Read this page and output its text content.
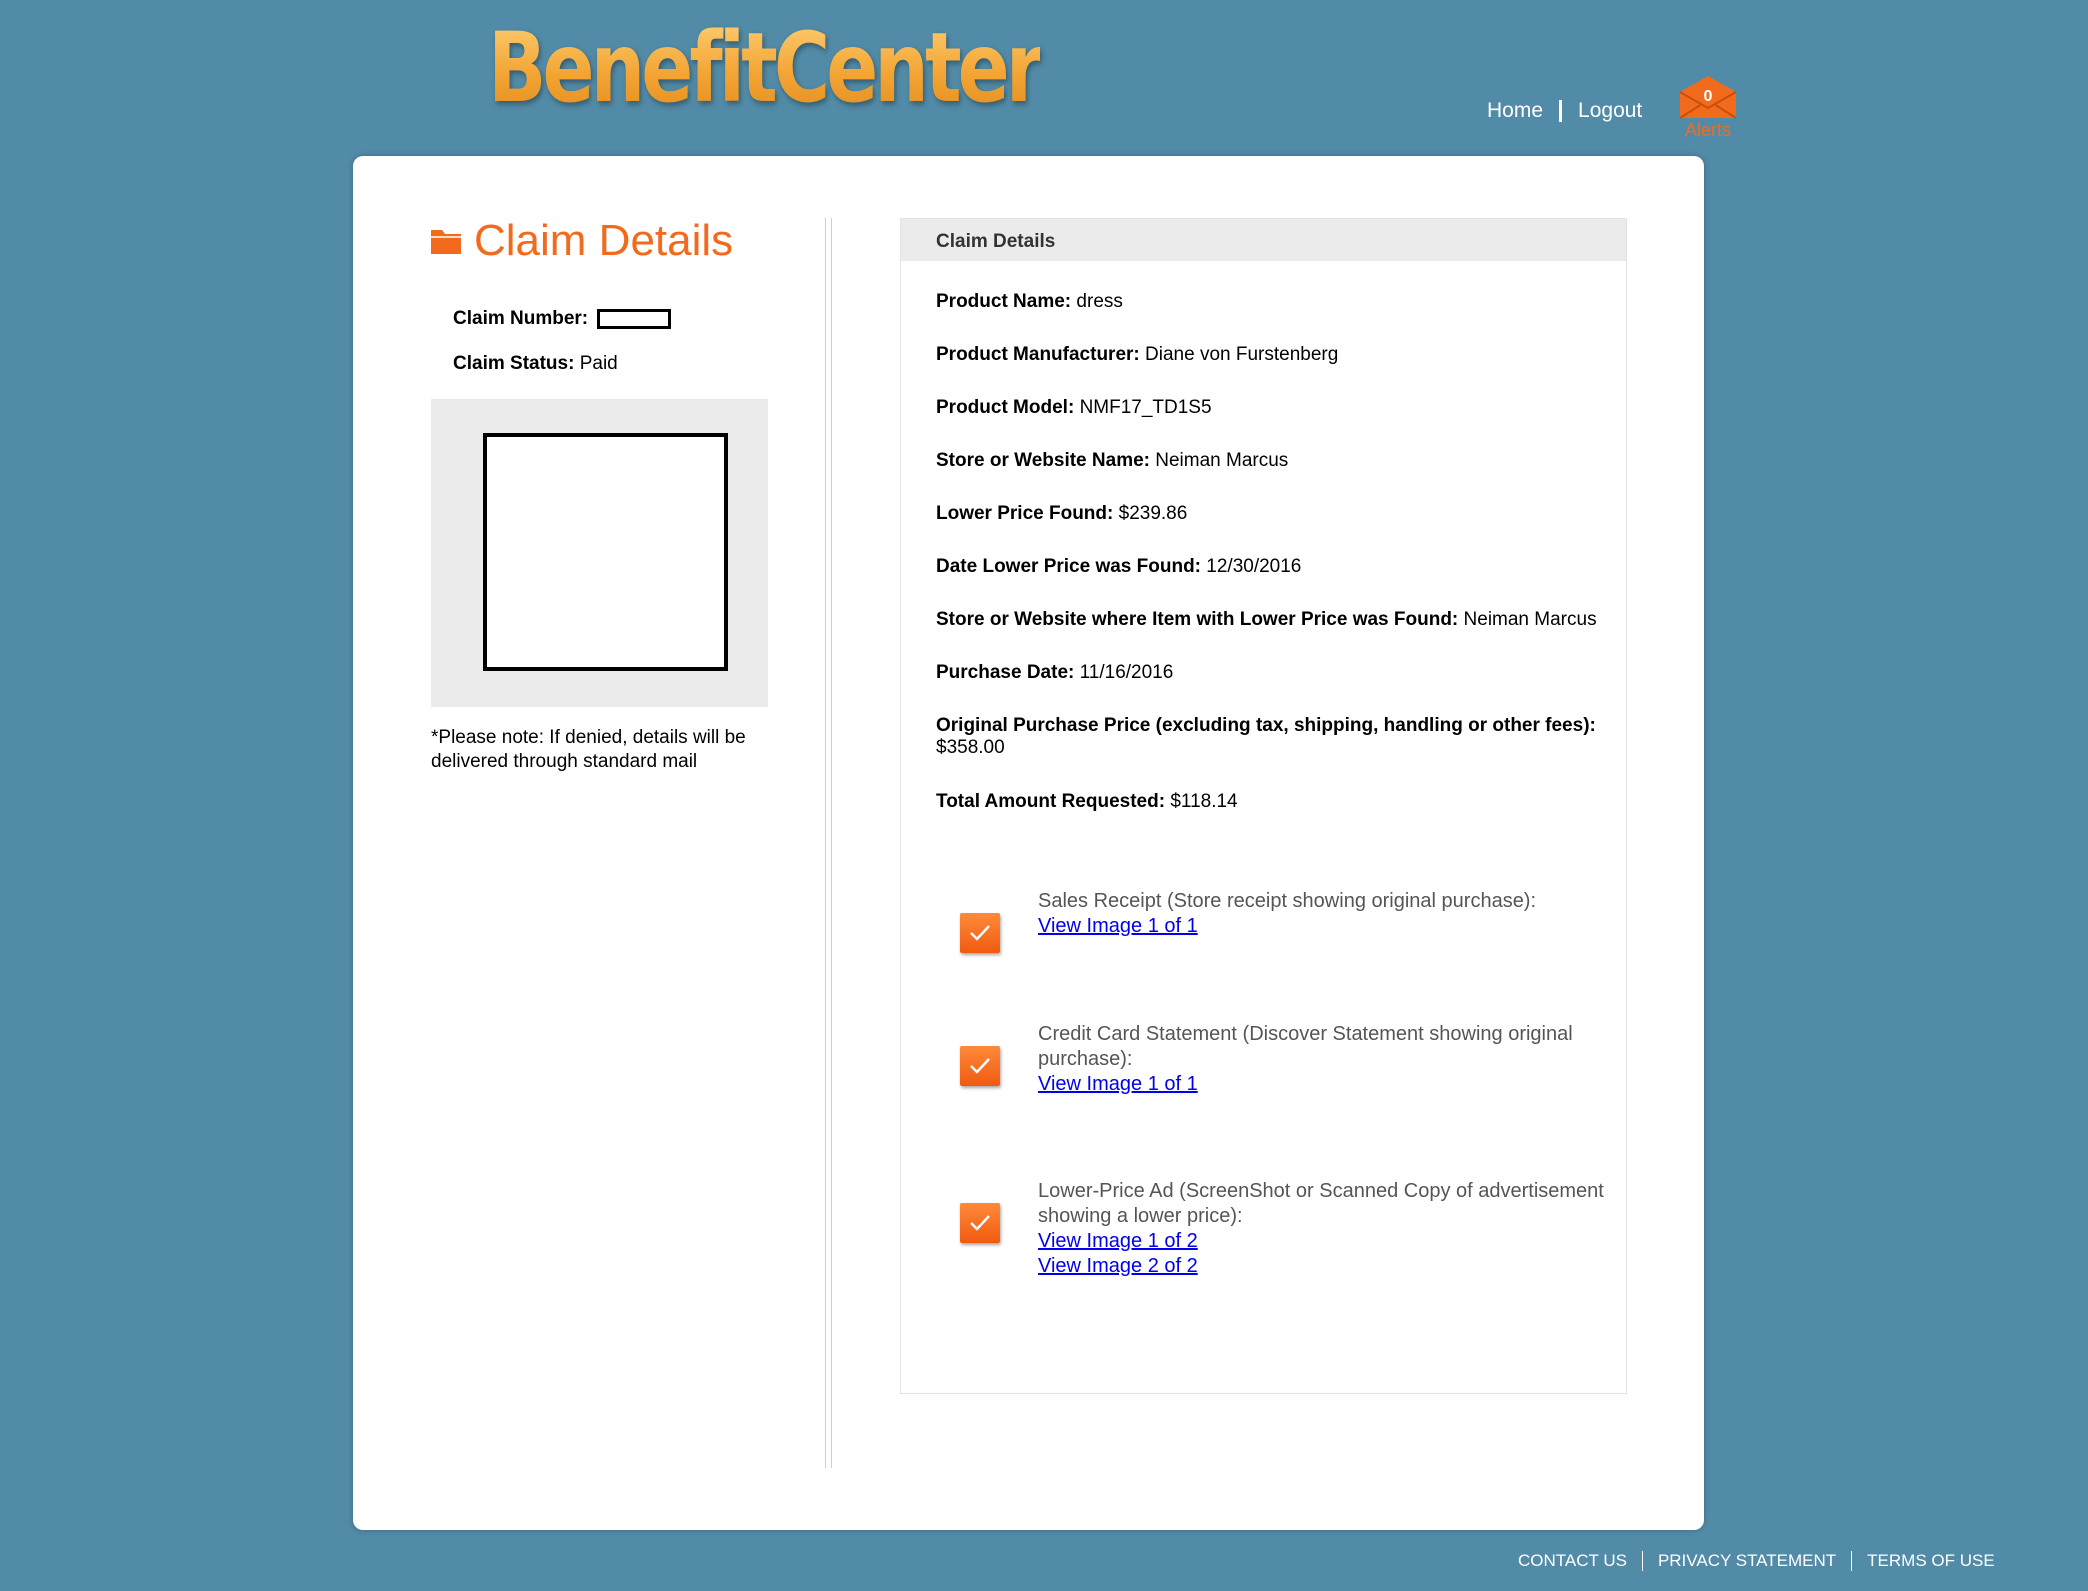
BenefitCenter	Home Logout
0
Alerts
Claim Details
Claim Number:
Claim Status: Paid
*Please note: If denied, details will be delivered through standard mail
Claim Details
Product Name: dress
Product Manufacturer: Diane von Furstenberg
Product Model: NMF17_TD1S5
Store or Website Name: Neiman Marcus
Lower Price Found: $239.86
Date Lower Price was Found: 12/30/2016
Store or Website where Item with Lower Price was Found: Neiman Marcus
Purchase Date: 11/16/2016
Original Purchase Price (excluding tax, shipping, handling or other fees):
$358.00
Total Amount Requested: $118.14
Sales Receipt (Store receipt showing original purchase):
View Image 1 of 1
Credit Card Statement (Discover Statement showing original purchase):
View Image 1 of 1
Lower-Price Ad (ScreenShot or Scanned Copy of advertisement showing a lower price):
View Image 1 of 2
View Image 2 of 2
CONTACT US PRIVACY STATEMENT TERMS OF USE
